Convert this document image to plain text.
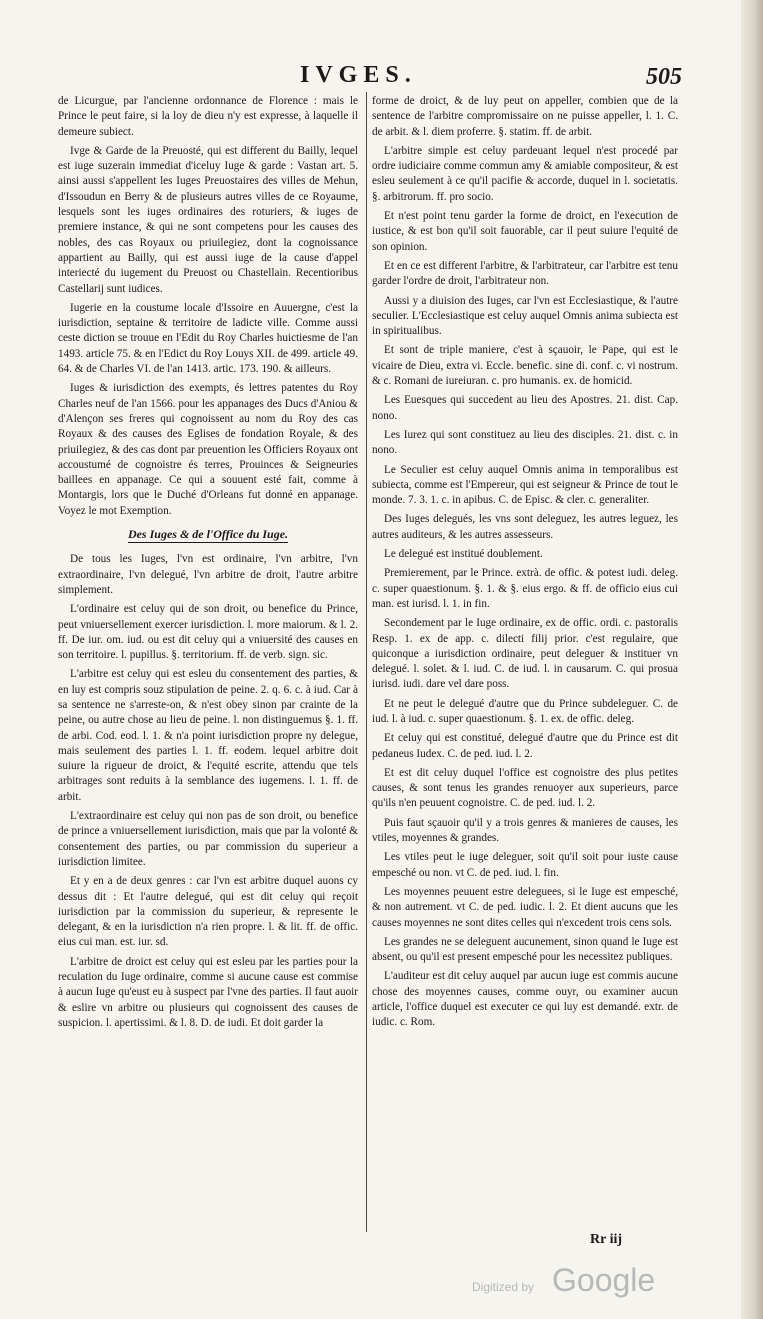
IVGES.	505

de Licurgue, par l'ancienne ordonnance de Florence : mais le Prince le peut faire, si la loy de dieu n'y est expresse, à laquelle il demeure subiect.

Ivge & Garde de la Preuosté, qui est different du Bailly, lequel est iuge suzerain immediat d'iceluy Iuge & garde : Vastan art. 5. ainsi aussi s'appellent les Iuges Preuostaires des villes de Mehun, d'Issoudun en Berry & de plusieurs autres villes de ce Royaume, lesquels sont les iuges ordinaires des roturiers, & iuges de premiere instance, & qui ne sont competens pour les causes des nobles, des cas Royaux ou priuilegiez, dont la cognoissance appartient au Bailly, qui est aussi iuge de la cause d'appel interiecté du iugement du Preuost ou Chastellain. Recentioribus Castellarij sunt iudices.

Iugerie en la coustume locale d'Issoire en Auuergne, c'est la iurisdiction, septaine & territoire de ladicte ville. Comme aussi ceste diction se trouue en l'Edit du Roy Charles huictiesme de l'an 1493. article 75. & en l'Edict du Roy Louys XII. de 499. article 49. 64. & de Charles VI. de l'an 1413. artic. 173. 190. & ailleurs.

Iuges & iurisdiction des exempts, és lettres patentes du Roy Charles neuf de l'an 1566. pour les appanages des Ducs d'Aniou & d'Alençon ses freres qui cognoissent au nom du Roy des cas Royaux & des causes des Eglises de fondation Royale, & des priuilegiez, & des cas dont par preuention les Officiers Royaux ont accoustumé de cognoistre és terres, Prouinces & Seigneuries baillees en appanage. Ce qui a souuent esté fait, comme à Montargis, lors que le Duché d'Orleans fut donné en appanage. Voyez le mot Exemption.

Des Iuges & de l'Office du Iuge.

De tous les Iuges, l'vn est ordinaire, l'vn arbitre, l'vn extraordinaire, l'vn delegué, l'vn arbitre de droit, l'autre arbitre simplement.

L'ordinaire est celuy qui de son droit, ou benefice du Prince, peut vniuersellement exercer iurisdiction. l. more maiorum. & l. 2. ff. De iur. om. iud. ou est dit celuy qui a vniuersité des causes en son territoire. l. pupillus. §. territorium. ff. de verb. sign. sic.

L'arbitre est celuy qui est esleu du consentement des parties, & en luy est compris souz stipulation de peine. 2. q. 6. c. à iud. Car à sa sentence ne s'arreste-on, & n'est obey sinon par crainte de la peine, ou autre chose au lieu de peine. l. non distinguemus §. 1. ff. de arbi. Cod. eod. l. 1. & n'a point iurisdiction propre ny delegue, mais seulement des parties l. 1. ff. eodem. lequel arbitre doit suiure la rigueur de droict, & l'equité escrite, attendu que tels arbitrages sont reduits à la semblance des iugemens. l. 1. ff. de arbit.

L'extraordinaire est celuy qui non pas de son droit, ou benefice de prince a vniuersellement iurisdiction, mais que par la volonté & consentement des parties, ou par commission du superieur a iurisdiction limitee.

Et y en a de deux genres : car l'vn est arbitre duquel auons cy dessus dit : Et l'autre delegué, qui est dit celuy qui reçoit iurisdiction par la commission du superieur, & represente le delegant, & en la iurisdiction n'a rien propre. l. & lit. ff. de offic. eius cui man. est. iur. sd.

L'arbitre de droict est celuy qui est esleu par les parties pour la reculation du Iuge ordinaire, comme si aucune cause est commise à aucun Iuge qu'eust eu à suspect par l'vne des parties. Il faut auoir & eslire vn arbitre ou plusieurs qui cognoissent des causes de suspicion. l. apertissimi. & l. 8. D. de iudi. Et doit garder la

forme de droict, & de luy peut on appeller, combien que de la sentence de l'arbitre compromissaire on ne puisse appeller, l. 1. C. de arbit. & l. diem proferre. §. statim. ff. de arbit.

L'arbitre simple est celuy pardeuant lequel n'est procedé par ordre iudiciaire comme commun amy & amiable compositeur, & est esleu seulement à ce qu'il pacifie & accorde, duquel in l. societatis. §. arbitrorum. ff. pro socio.

Et n'est point tenu garder la forme de droict, en l'execution de iustice, & est bon qu'il soit fauorable, car il peut suiure l'equité de son opinion.

Et en ce est different l'arbitre, & l'arbitrateur, car l'arbitre est tenu garder l'ordre de droit, l'arbitrateur non.

Aussi y a diuision des Iuges, car l'vn est Ecclesiastique, & l'autre seculier. L'Ecclesiastique est celuy auquel Omnis anima subiecta est in spiritualibus.

Et sont de triple maniere, c'est à sçauoir, le Pape, qui est le vicaire de Dieu, extra vi. Eccle. benefic. sine di. conf. c. vi nostrum. & c. Romani de iureiuran. c. pro humanis. ex. de homicid.

Les Euesques qui succedent au lieu des Apostres. 21. dist. Cap. nono.

Les Iurez qui sont constituez au lieu des disciples. 21. dist. c. in nono.

Le Seculier est celuy auquel Omnis anima in temporalibus est subiecta, comme est l'Empereur, qui est seigneur & Prince de tout le monde. 7. 3. 1. c. in apibus. C. de Episc. & cler. c. generaliter.

Des Iuges delegués, les vns sont deleguez, les autres leguez, les autres auditeurs, & les autres assesseurs.

Le delegué est institué doublement.

Premierement, par le Prince. extrà. de offic. & potest iudi. deleg. c. super quaestionum. §. 1. & §. eius ergo. & ff. de officio eius cui man. est iurisd. l. 1. in fin.

Secondement par le Iuge ordinaire, ex de offic. ordi. c. pastoralis Resp. 1. ex de app. c. dilecti filij prior. c'est regulaire, que quiconque a iurisdiction ordinaire, peut deleguer & instituer vn delegué. l. solet. & l. iud. C. de iud. l. in causarum. C. qui prosua iurisd. iudi. dare vel dare poss.

Et ne peut le delegué d'autre que du Prince subdeleguer. C. de iud. l. à iud. c. super quaestionum. §. 1. ex. de offic. deleg.

Et celuy qui est constitué, delegué d'autre que du Prince est dit pedaneus Iudex. C. de ped. iud. l. 2.

Et est dit celuy duquel l'office est cognoistre des plus petites causes, & sont tenus les grandes renuoyer aux superieurs, parce qu'ils n'en peuuent cognoistre. C. de ped. iud. l. 2.

Puis faut sçauoir qu'il y a trois genres & manieres de causes, les vtiles, moyennes & grandes.

Les vtiles peut le iuge deleguer, soit qu'il soit pour iuste cause empesché ou non. vt C. de ped. iud. l. fin.

Les moyennes peuuent estre deleguees, si le Iuge est empesché, & non autrement. vt C. de ped. iudic. l. 2. Et dient aucuns que les causes moyennes ne sont dites celles qui n'excedent trois cens sols.

Les grandes ne se deleguent aucunement, sinon quand le Iuge est absent, ou qu'il est present empesché pour les necessitez publiques.

L'auditeur est dit celuy auquel par aucun iuge est commis aucune chose des moyennes causes, comme ouyr, ou examiner aucun article, l'office duquel est executer ce qui luy est demandé. extr. de iudic. c. Rom.

Rr iij
Digitized by Google
